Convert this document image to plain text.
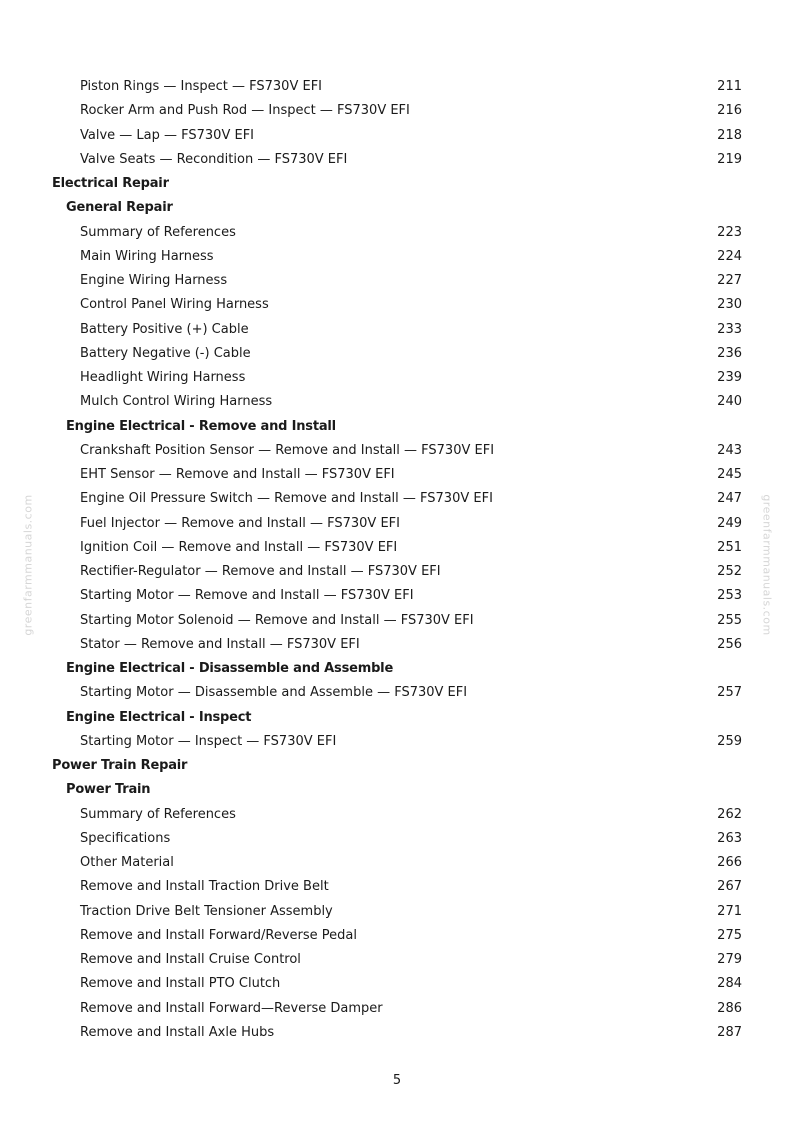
Piston Rings — Inspect — FS730V EFI	211
Rocker Arm and Push Rod — Inspect — FS730V EFI	216
Valve — Lap — FS730V EFI	218
Valve Seats — Recondition — FS730V EFI	219
Electrical Repair
General Repair
Summary of References	223
Main Wiring Harness	224
Engine Wiring Harness	227
Control Panel Wiring Harness	230
Battery Positive (+) Cable	233
Battery Negative (-) Cable	236
Headlight Wiring Harness	239
Mulch Control Wiring Harness	240
Engine Electrical - Remove and Install
Crankshaft Position Sensor — Remove and Install — FS730V EFI	243
EHT Sensor — Remove and Install — FS730V EFI	245
Engine Oil Pressure Switch — Remove and Install — FS730V EFI	247
Fuel Injector — Remove and Install — FS730V EFI	249
Ignition Coil — Remove and Install — FS730V EFI	251
Rectifier-Regulator — Remove and Install — FS730V EFI	252
Starting Motor — Remove and Install — FS730V EFI	253
Starting Motor Solenoid — Remove and Install — FS730V EFI	255
Stator — Remove and Install — FS730V EFI	256
Engine Electrical - Disassemble and Assemble
Starting Motor — Disassemble and Assemble — FS730V EFI	257
Engine Electrical - Inspect
Starting Motor — Inspect — FS730V EFI	259
Power Train Repair
Power Train
Summary of References	262
Specifications	263
Other Material	266
Remove and Install Traction Drive Belt	267
Traction Drive Belt Tensioner Assembly	271
Remove and Install Forward/Reverse Pedal	275
Remove and Install Cruise Control	279
Remove and Install PTO Clutch	284
Remove and Install Forward—Reverse Damper	286
Remove and Install Axle Hubs	287
greenfarmmanuals.com	greenfarmmanuals.com
5
